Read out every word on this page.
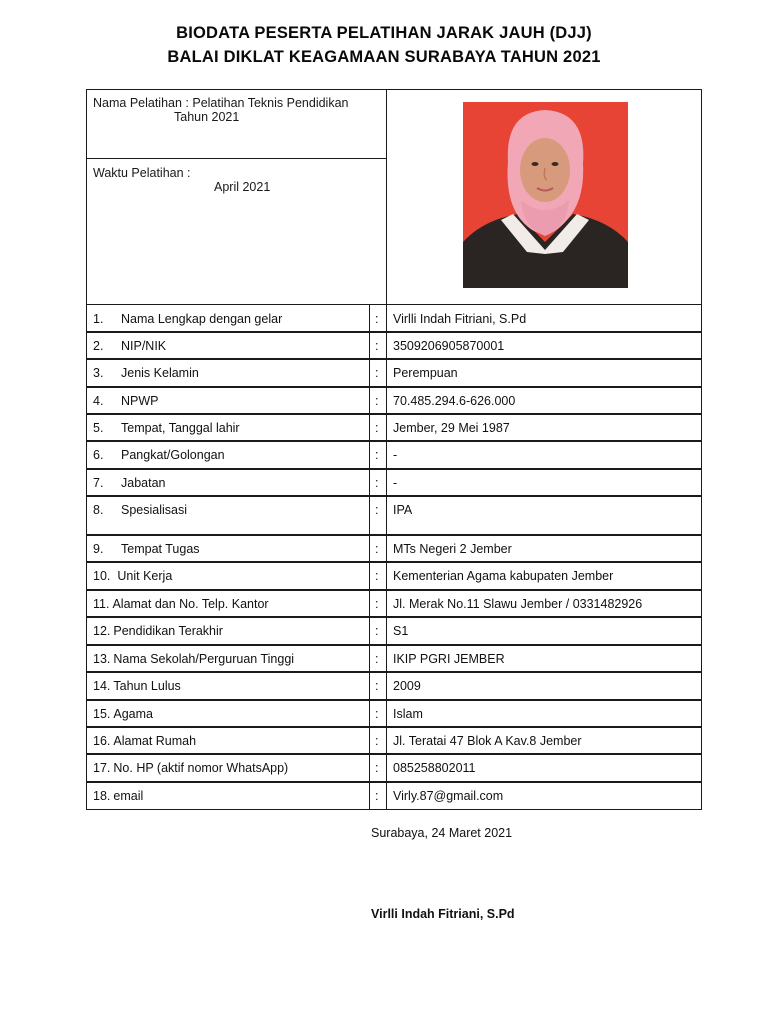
BIODATA PESERTA PELATIHAN JARAK JAUH (DJJ)
BALAI DIKLAT KEAGAMAAN SURABAYA TAHUN 2021
Nama Pelatihan : Pelatihan Teknis Pendidikan
Tahun 2021
Waktu Pelatihan :
April 2021
1. Nama Lengkap dengan gelar	: Virlli Indah Fitriani, S.Pd
2. NIP/NIK	: 3509206905870001
3. Jenis Kelamin	: Perempuan
4. NPWP	: 70.485.294.6-626.000
5. Tempat, Tanggal lahir	: Jember, 29 Mei 1987
6. Pangkat/Golongan	: -
7. Jabatan	: -
8. Spesialisasi	: IPA
9. Tempat Tugas	: MTs Negeri 2 Jember
10. Unit Kerja	: Kementerian Agama kabupaten Jember
11. Alamat dan No. Telp. Kantor	: Jl. Merak No.11 Slawu Jember / 0331482926
12. Pendidikan Terakhir	: S1
13. Nama Sekolah/Perguruan Tinggi	: IKIP PGRI JEMBER
14. Tahun Lulus	: 2009
15. Agama	: Islam
16. Alamat Rumah	: Jl. Teratai 47 Blok A Kav.8 Jember
17. No. HP (aktif nomor WhatsApp)	: 085258802011
18. email	: Virly.87@gmail.com
Surabaya, 24 Maret 2021
Virlli Indah Fitriani, S.Pd
